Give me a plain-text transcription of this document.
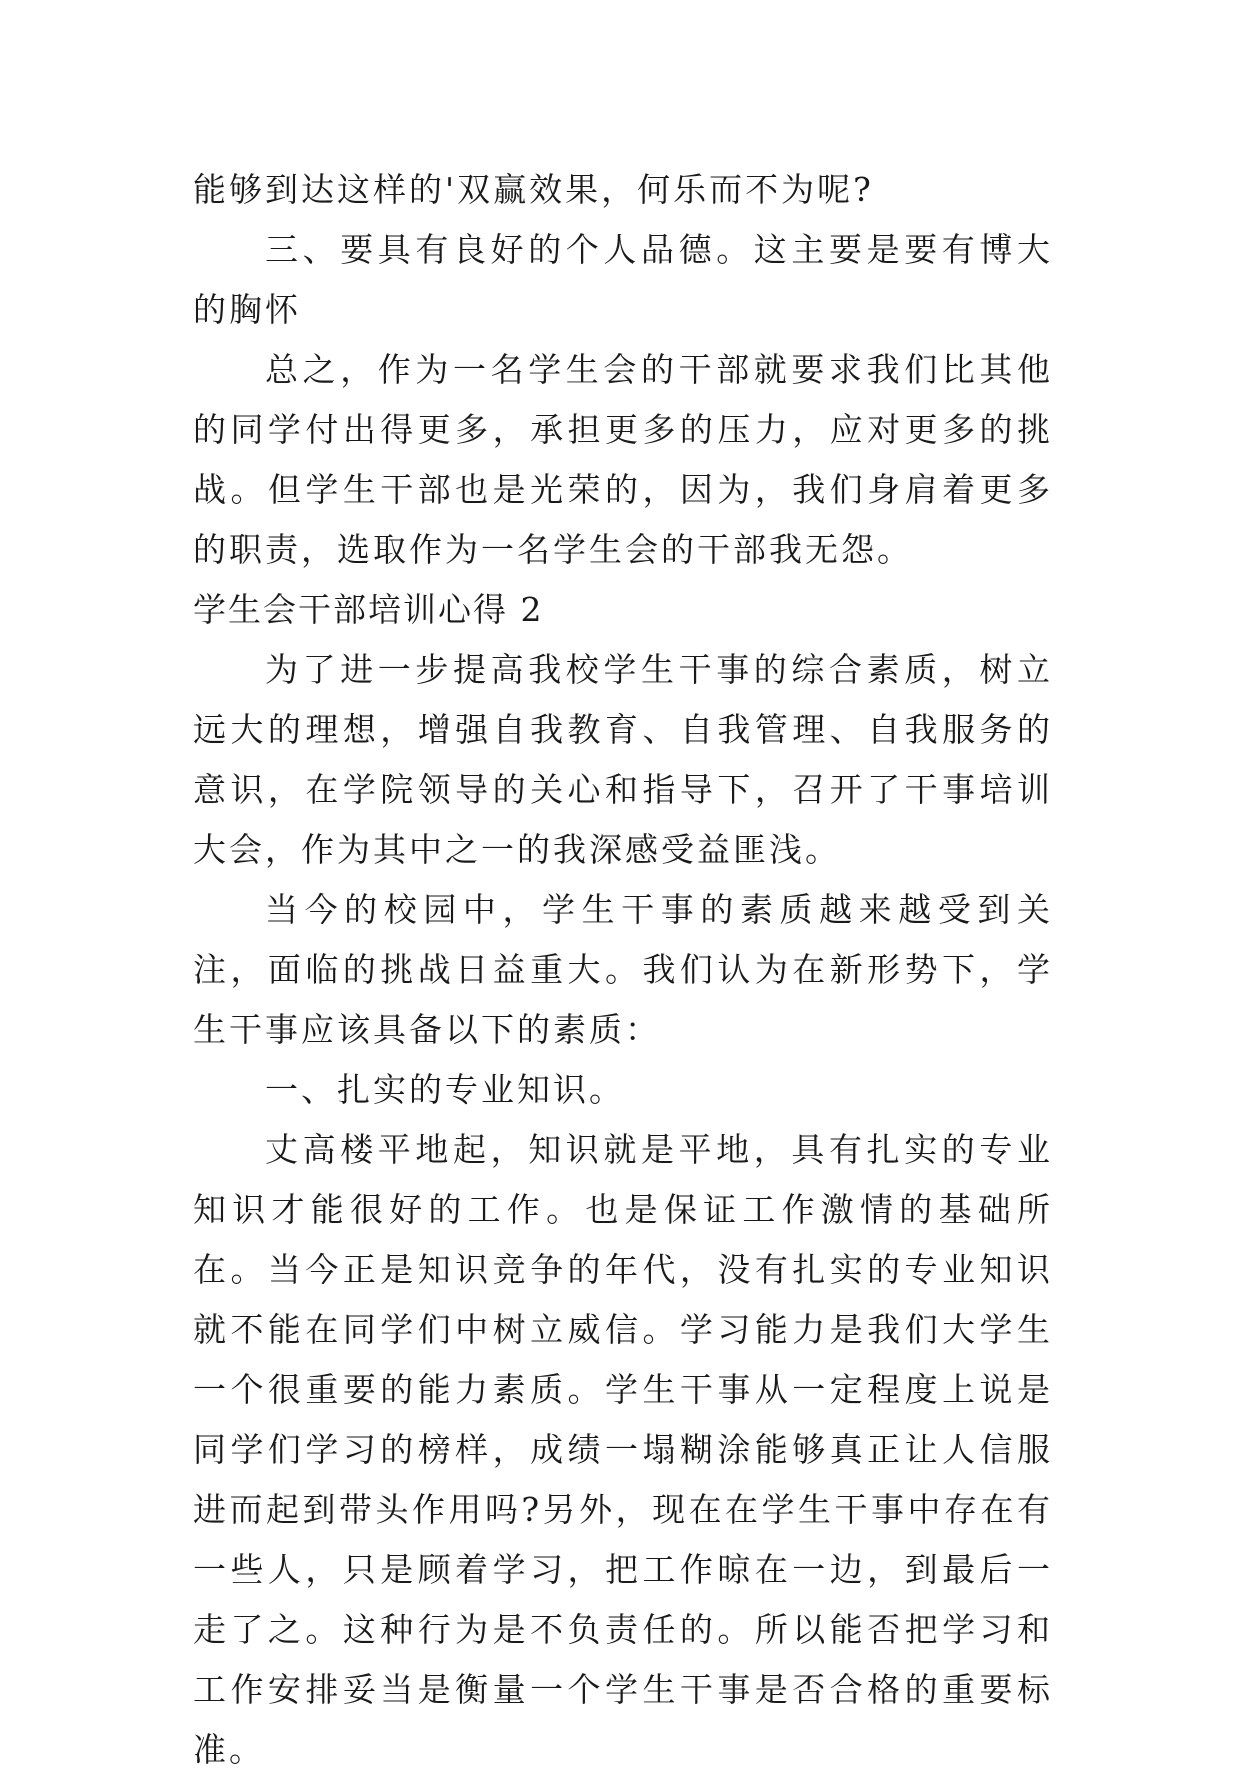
能够到达这样的'双赢效果，何乐而不为呢?

三、要具有良好的个人品德。这主要是要有博大的胸怀

总之，作为一名学生会的干部就要求我们比其他的同学付出得更多，承担更多的压力，应对更多的挑战。但学生干部也是光荣的，因为，我们身肩着更多的职责，选取作为一名学生会的干部我无怨。

学生会干部培训心得 2

为了进一步提高我校学生干事的综合素质，树立远大的理想，增强自我教育、自我管理、自我服务的意识，在学院领导的关心和指导下，召开了干事培训大会，作为其中之一的我深感受益匪浅。

当今的校园中，学生干事的素质越来越受到关注，面临的挑战日益重大。我们认为在新形势下，学生干事应该具备以下的素质：

一、扎实的专业知识。

丈高楼平地起，知识就是平地，具有扎实的专业知识才能很好的工作。也是保证工作激情的基础所在。当今正是知识竞争的年代，没有扎实的专业知识就不能在同学们中树立威信。学习能力是我们大学生一个很重要的能力素质。学生干事从一定程度上说是同学们学习的榜样，成绩一塌糊涂能够真正让人信服进而起到带头作用吗?另外，现在在学生干事中存在有一些人，只是顾着学习，把工作晾在一边，到最后一走了之。这种行为是不负责任的。所以能否把学习和工作安排妥当是衡量一个学生干事是否合格的重要标准。
